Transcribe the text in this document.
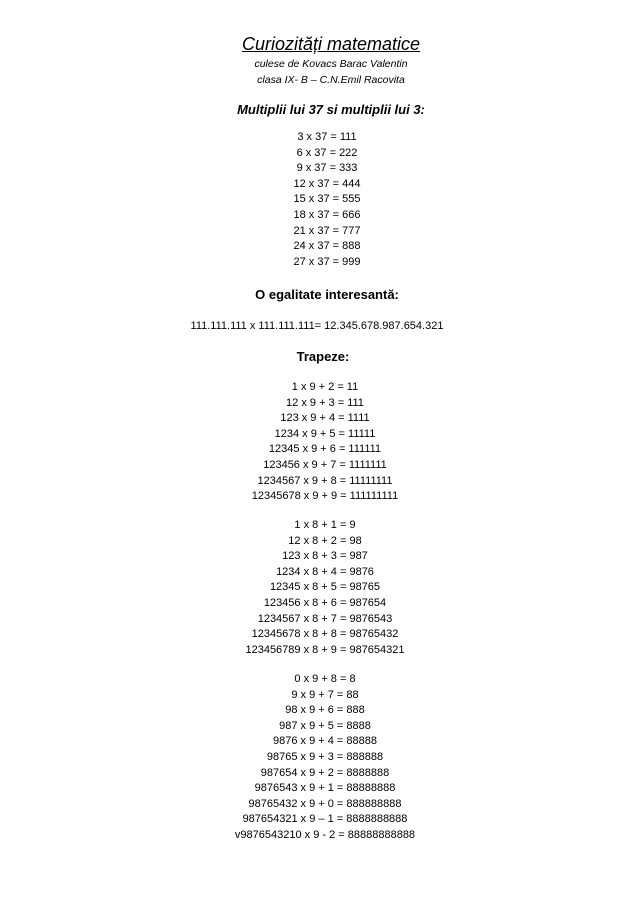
Curiozități matematice
culese de Kovacs Barac Valentin
clasa IX- B – C.N.Emil Racovita
Multiplii lui 37 si multiplii lui 3:
3 x 37 = 111
6 x 37 = 222
9 x 37 = 333
12 x 37 = 444
15 x 37 = 555
18 x 37 = 666
21 x 37 = 777
24 x 37 = 888
27 x 37 = 999
O egalitate interesantă:
111.111.111 x 111.111.111= 12.345.678.987.654.321
Trapeze:
1 x 9 + 2 = 11
12 x 9 + 3 = 111
123 x 9 + 4 = 1111
1234 x 9 + 5 = 11111
12345 x 9 + 6 = 111111
123456 x 9 + 7 = 1111111
1234567 x 9 + 8 = 11111111
12345678 x 9 + 9 = 111111111
1 x 8 + 1 = 9
12 x 8 + 2 = 98
123 x 8 + 3 = 987
1234 x 8 + 4 = 9876
12345 x 8 + 5 = 98765
123456 x 8 + 6 = 987654
1234567 x 8 + 7 = 9876543
12345678 x 8 + 8 = 98765432
123456789 x 8 + 9 = 987654321
0 x 9 + 8 = 8
9 x 9 + 7 = 88
98 x 9 + 6 = 888
987 x 9 + 5 = 8888
9876 x 9 + 4 = 88888
98765 x 9 + 3 = 888888
987654 x 9 + 2 = 8888888
9876543 x 9 + 1 = 88888888
98765432 x 9 + 0 = 888888888
987654321 x 9 – 1 = 8888888888
v9876543210 x 9 - 2 = 88888888888
